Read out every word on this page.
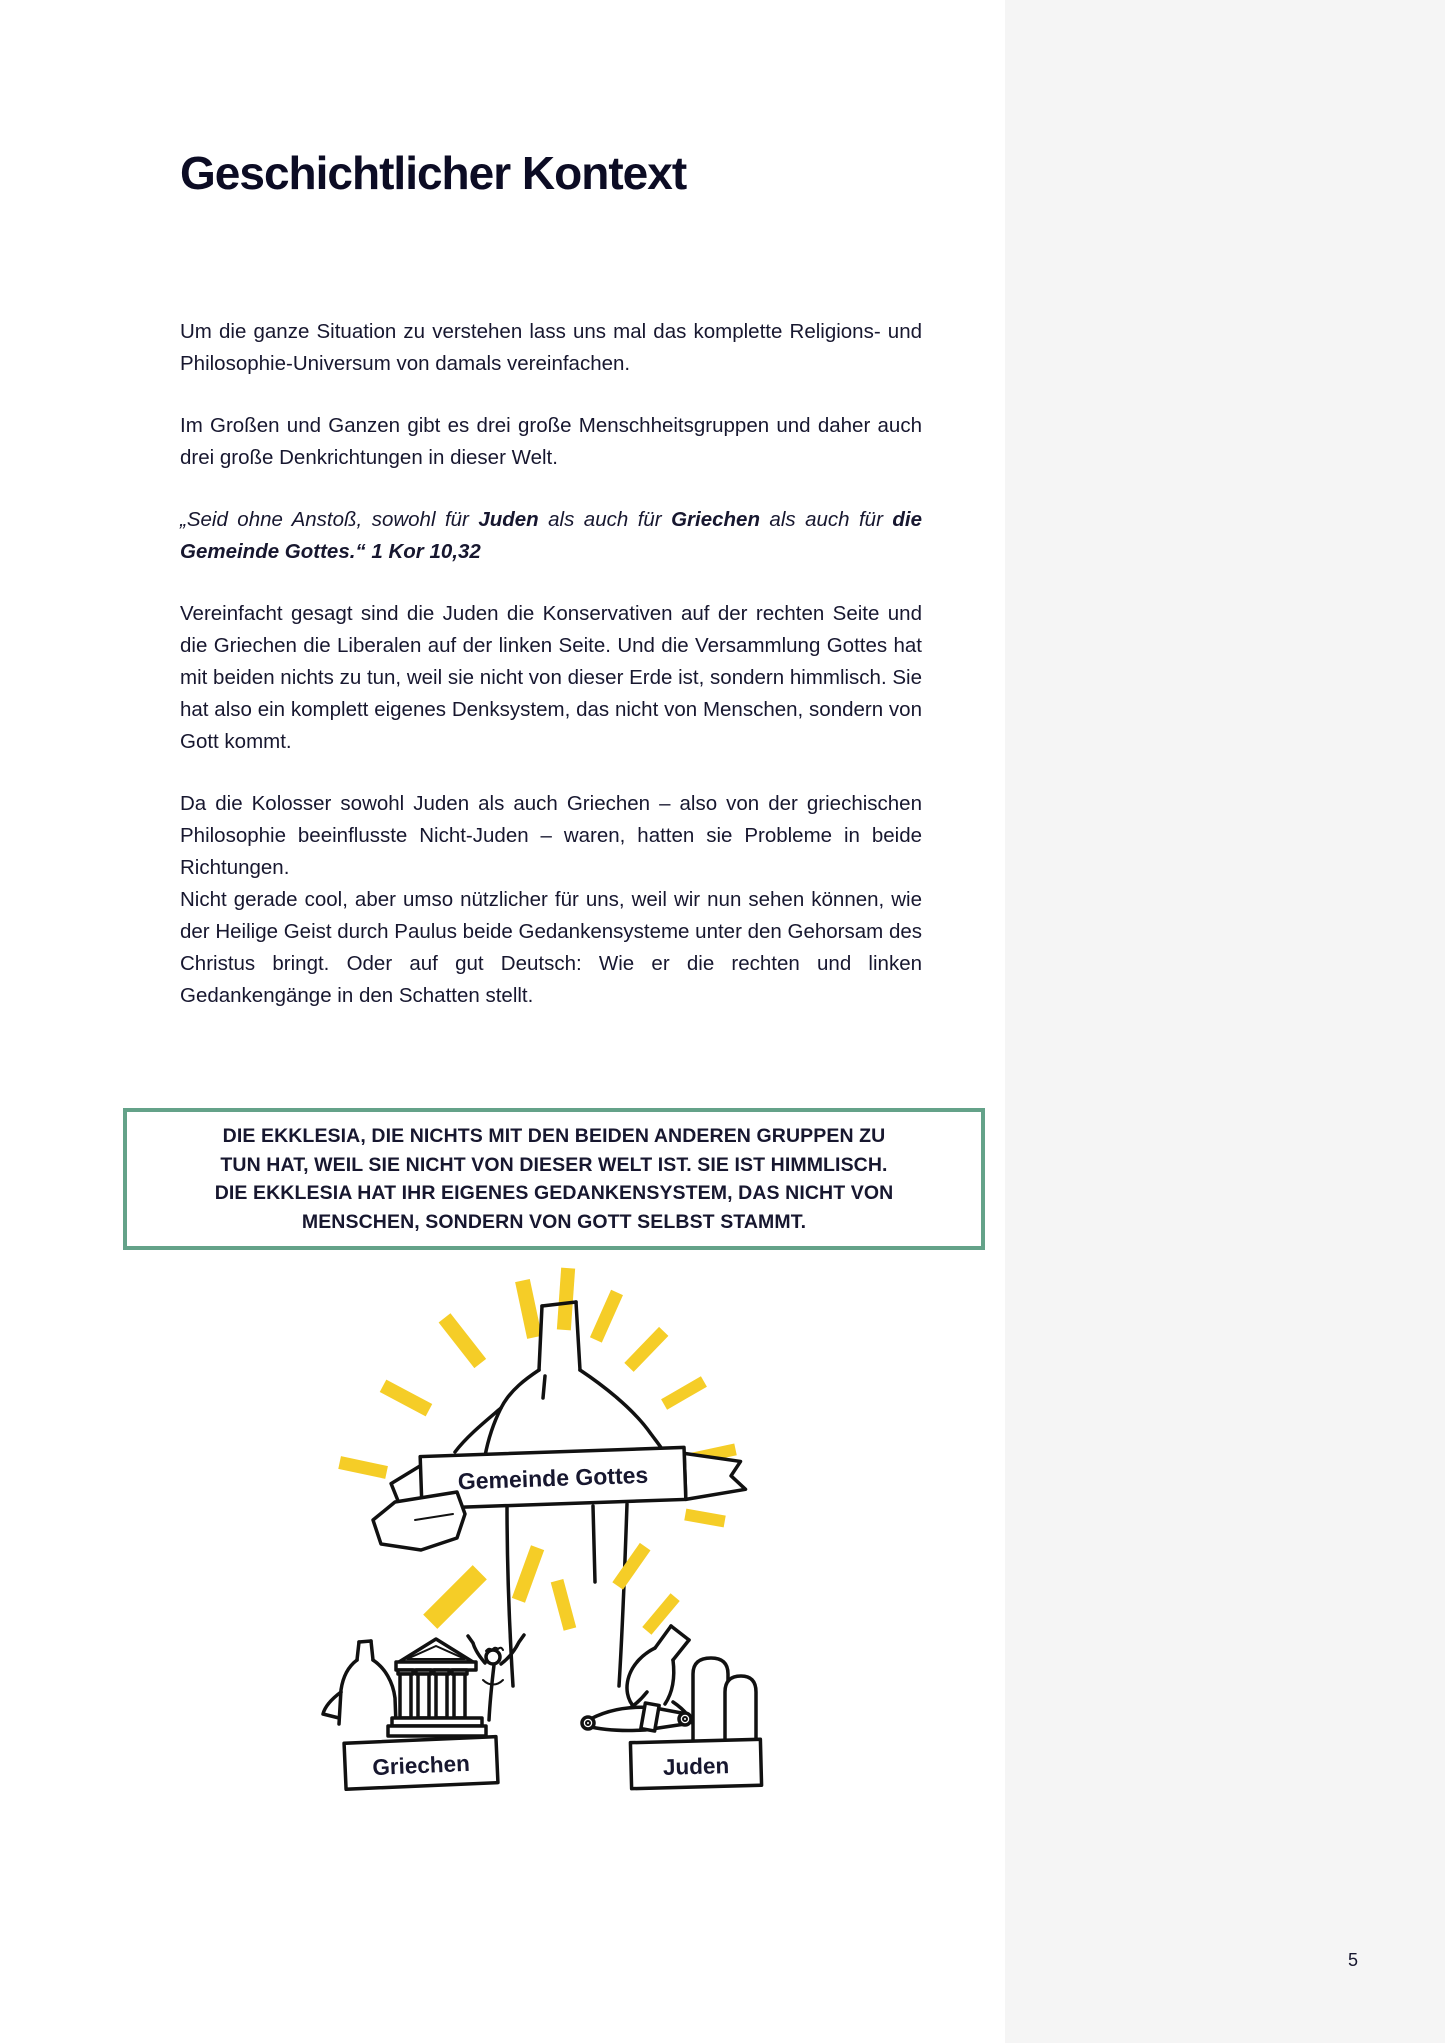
Geschichtlicher Kontext

Um die ganze Situation zu verstehen lass uns mal das komplette Religions- und Philosophie-Universum von damals vereinfachen.

Im Großen und Ganzen gibt es drei große Menschheitsgruppen und daher auch drei große Denkrichtungen in dieser Welt.

„Seid ohne Anstoß, sowohl für Juden als auch für Griechen als auch für die Gemeinde Gottes.“ 1 Kor 10,32

Vereinfacht gesagt sind die Juden die Konservativen auf der rechten Seite und die Griechen die Liberalen auf der linken Seite. Und die Versammlung Gottes hat mit beiden nichts zu tun, weil sie nicht von dieser Erde ist, sondern himmlisch. Sie hat also ein komplett eigenes Denksystem, das nicht von Menschen, sondern von Gott kommt.

Da die Kolosser sowohl Juden als auch Griechen – also von der griechischen Philosophie beeinflusste Nicht-Juden – waren, hatten sie Probleme in beide Richtungen.
Nicht gerade cool, aber umso nützlicher für uns, weil wir nun sehen können, wie der Heilige Geist durch Paulus beide Gedankensysteme unter den Gehorsam des Christus bringt. Oder auf gut Deutsch: Wie er die rechten und linken Gedankengänge in den Schatten stellt.

DIE EKKLESIA, DIE NICHTS MIT DEN BEIDEN ANDEREN GRUPPEN ZU
TUN HAT, WEIL SIE NICHT VON DIESER WELT IST. SIE IST HIMMLISCH.
DIE EKKLESIA HAT IHR EIGENES GEDANKENSYSTEM, DAS NICHT VON
MENSCHEN, SONDERN VON GOTT SELBST STAMMT.
Gemeinde Gottes
Griechen	Juden
5
